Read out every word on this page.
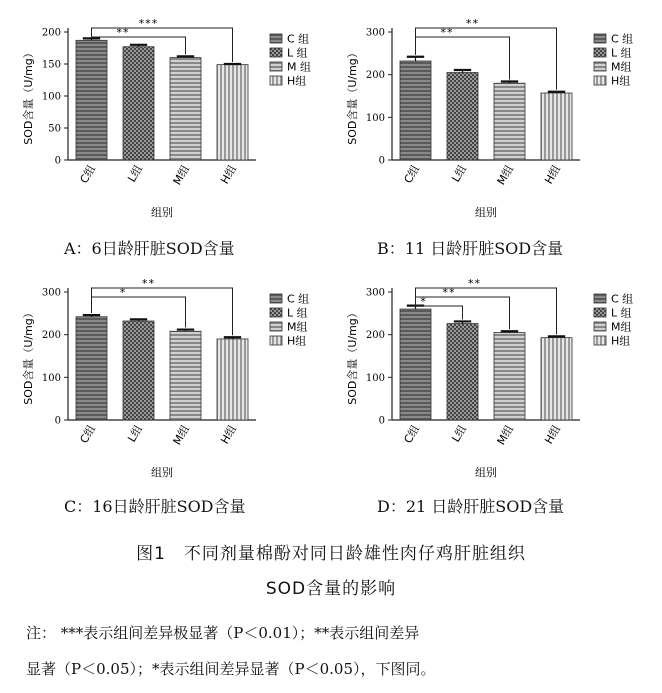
0
50
100
150
200
SOD含量（U/mg）
C组 L组 M组 H组
组别
**
***
C 组
L 组
M 组
H组
A：6日龄肝脏SOD含量
0
100
200
300
SOD含量（U/mg）
C组 L组 M组 H组
组别
**
**
C 组
L 组
M组
H组
B：11 日龄肝脏SOD含量
0
100
200
300
SOD含量（U/mg）
C组 L组 M组 H组
组别
*
**
C 组
L 组
M组
H组
C：16日龄肝脏SOD含量
0
100
200
300
SOD含量（U/mg）
C组 L组 M组 H组
组别
*
**
**
C 组
L 组
M组
H组
D：21 日龄肝脏SOD含量
图1　不同剂量棉酚对同日龄雄性肉仔鸡肝脏组织
SOD含量的影响
注： ***表示组间差异极显著（P＜0.01）；**表示组间差异
显著（P＜0.05）；*表示组间差异显著（P＜0.05），下图同。
